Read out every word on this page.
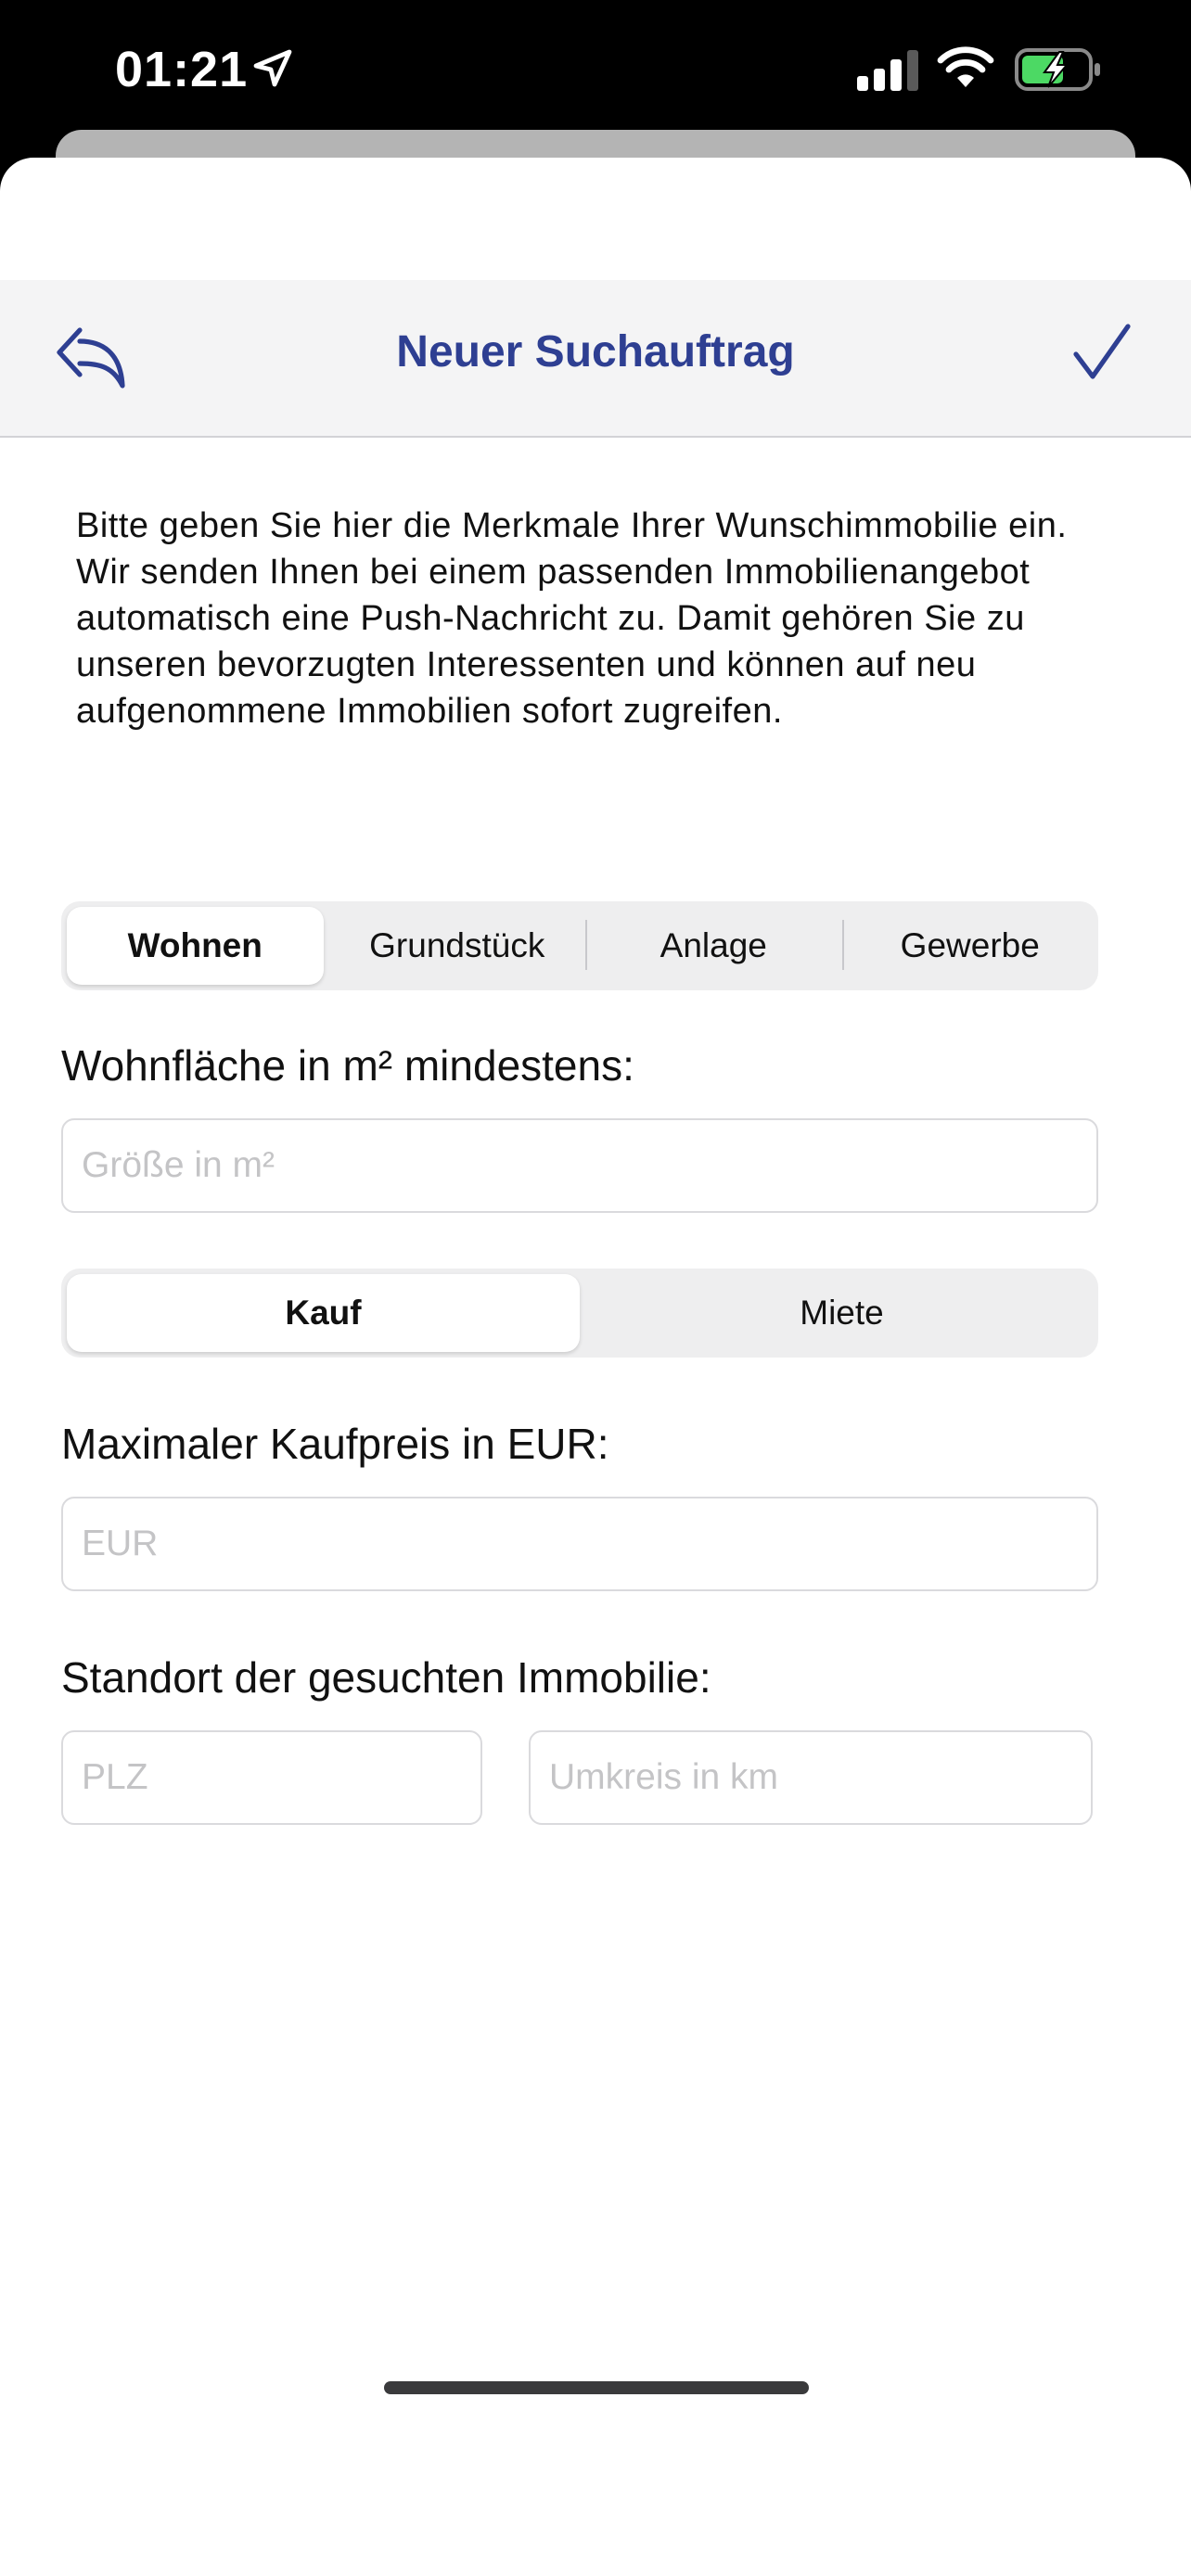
01:21
Neuer Suchauftrag
Bitte geben Sie hier die Merkmale Ihrer Wunschimmobilie ein. Wir senden Ihnen bei einem passenden Immobilienangebot automatisch eine Push-Nachricht zu. Damit gehören Sie zu unseren bevorzugten Interessenten und können auf neu aufgenommene Immobilien sofort zugreifen.
Wohnen	Grundstück	Anlage	Gewerbe
Wohnfläche in m² mindestens:
Größe in m²
Kauf	Miete
Maximaler Kaufpreis in EUR:
EUR
Standort der gesuchten Immobilie:
PLZ
Umkreis in km
